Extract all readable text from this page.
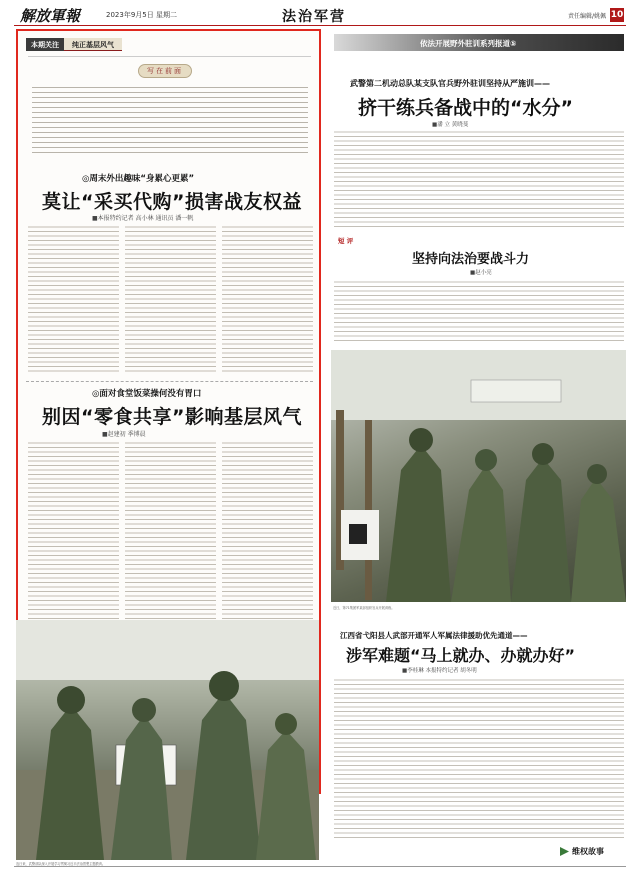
解放軍報	2023年9月5日 星期二	法治军营	责任编辑/姚佩 10
本期关注	纯正基层风气
写在前面
◎周末外出趣味“身累心更累”
莫让“采买代购”损害战友权益
■本报特约记者 高小林 通讯员 潘一帆
◎面对食堂饭菜操何没有胃口
别因“零食共享”影响基层风气
■赵建初 季博晨
依法开展野外驻训系列报道⑤
武警第二机动总队某支队官兵野外驻训坚持从严施训——
挤干练兵备战中的“水分”
■潘 立 黄晓斐
短 评
坚持向法治要战斗力
■赵小亮
近日，第71集团军某部组织官兵开展训练。
江西省弋阳县人武部开通军人军属法律援助优先通道——
涉军难题“马上就办、办就办好”
■李桂琳 本报特约记者 胡冬明
连日来，武警部队深入开展学习贯彻习近平法治思想主题教育。
维权故事
